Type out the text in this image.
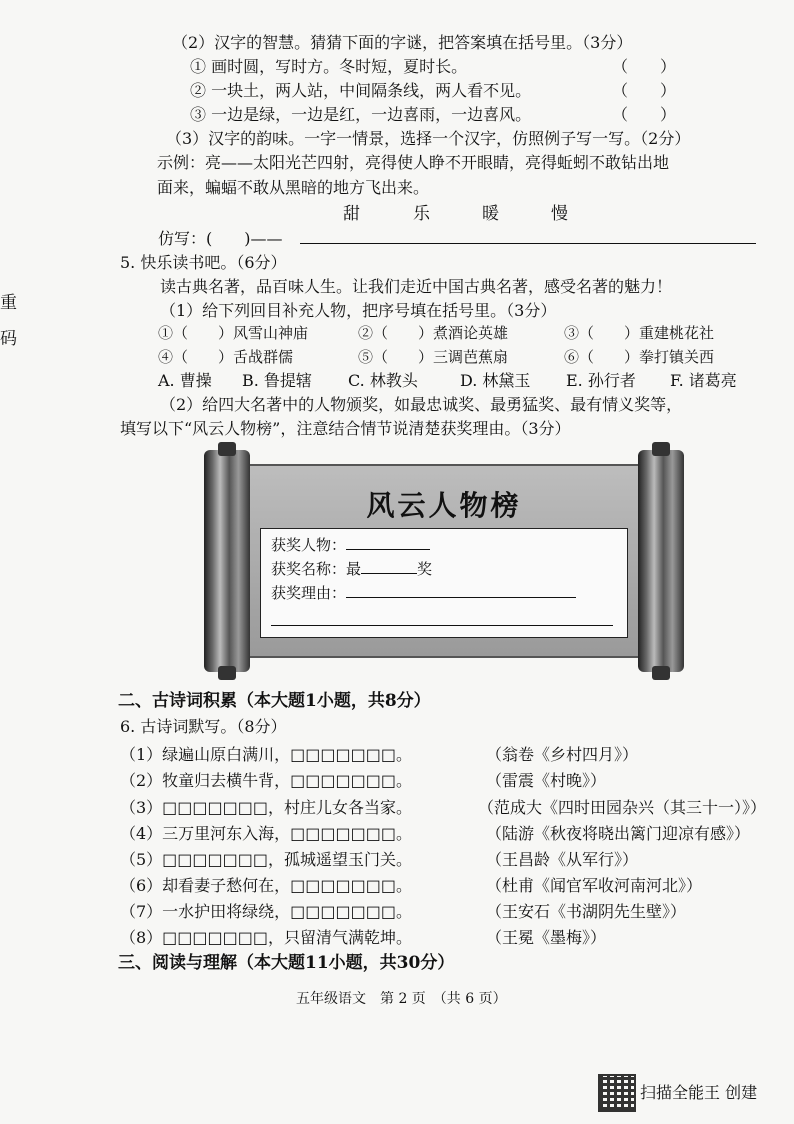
重
码
（2）汉字的智慧。猜猜下面的字谜，把答案填在括号里。（3分）
① 画时圆，写时方。冬时短，夏时长。	（　　）
② 一块土，两人站，中间隔条线，两人看不见。	（　　）
③ 一边是绿，一边是红，一边喜雨，一边喜风。	（　　）
（3）汉字的韵味。一字一情景，选择一个汉字，仿照例子写一写。（2分）
示例：亮——太阳光芒四射，亮得使人睁不开眼睛，亮得蚯蚓不敢钻出地
面来，蝙蝠不敢从黑暗的地方飞出来。
甜	乐	暖	慢
仿写：(　　)——
5. 快乐读书吧。（6分）
读古典名著，品百味人生。让我们走近中国古典名著，感受名著的魅力！
（1）给下列回目补充人物，把序号填在括号里。（3分）
①（　　）风雪山神庙	②（　　）煮酒论英雄	③（　　）重建桃花社
④（　　）舌战群儒	⑤（　　）三调芭蕉扇	⑥（　　）拳打镇关西
A. 曹操 B. 鲁提辖 C. 林教头	D. 林黛玉 E. 孙行者 F. 诸葛亮
（2）给四大名著中的人物颁奖，如最忠诚奖、最勇猛奖、最有情义奖等，
填写以下“风云人物榜”，注意结合情节说清楚获奖理由。（3分）
风云人物榜
获奖人物：
获奖名称：最	奖
获奖理由：
二、古诗词积累（本大题1小题，共8分）
6. 古诗词默写。（8分）
（1）绿遍山原白满川，□□□□□□□。	（翁卷《乡村四月》）
（2）牧童归去横牛背，□□□□□□□。	（雷震《村晚》）
（3）□□□□□□□，村庄儿女各当家。	（范成大《四时田园杂兴（其三十一）》）
（4）三万里河东入海，□□□□□□□。	（陆游《秋夜将晓出篱门迎凉有感》）
（5）□□□□□□□，孤城遥望玉门关。	（王昌龄《从军行》）
（6）却看妻子愁何在，□□□□□□□。	（杜甫《闻官军收河南河北》）
（7）一水护田将绿绕，□□□□□□□。	（王安石《书湖阴先生壁》）
（8）□□□□□□□，只留清气满乾坤。	（王冕《墨梅》）
三、阅读与理解（本大题11小题，共30分）
五年级语文　第 2 页　（共 6 页）
扫描全能王 创建
